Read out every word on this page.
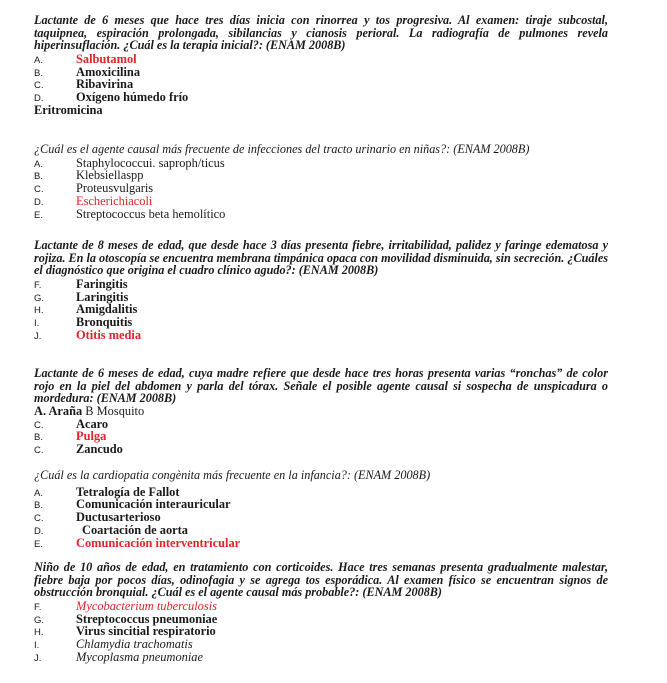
Lactante de 6 meses que hace tres días inicia con rinorrea y tos progresiva. Al examen: tiraje subcostal, taquipnea, espiración prolongada, sibilancias y cianosis perioral. La radiografía de pulmones revela hiperinsuflación. ¿Cuál es la terapia inicial?: (ENAM 2008B)

A.	Salbutamol
B.	Amoxicilina
C.	Ribavirina
D.	Oxígeno húmedo frío

Eritromicina

¿Cuál es el agente causal más frecuente de infecciones del tracto urinario en niñas?: (ENAM 2008B)

A.	Staphylococcui. saproph/ticus
B.	Klebsiellaspp
C.	Proteusvulgaris
D.	Escherichiacoli
E.	Streptococcus beta hemolítico

Lactante de 8 meses de edad, que desde hace 3 días presenta fiebre, irritabilidad, palidez y faringe edematosa y rojiza. En la otoscopía se encuentra membrana timpánica opaca con movilidad disminuida, sin secreción. ¿Cuáles el diagnóstico que origina el cuadro clínico agudo?: (ENAM 2008B)

F.	Faringitis
G.	Laringitis
H.	Amigdalitis
I.	Bronquitis
J.	Otitis media

Lactante de 6 meses de edad, cuya madre refiere que desde hace tres horas presenta varias “ronchas” de color rojo en la piel del abdomen y parla del tórax. Señale el posible agente causal si sospecha de unspicadura o mordedura: (ENAM 2008B)

A. Araña B Mosquito
C.	Acaro
B.	Pulga
C.	Zancudo

¿Cuál es la cardiopatia congènita más frecuente en la infancia?: (ENAM 2008B)

A.	Tetralogía de Fallot
B.	Comunicación interauricular
C.	Ductusarterioso
D.	Coartación de aorta
E.	Comunicación interventricular

Niño de 10 años de edad, en tratamiento con corticoides. Hace tres semanas presenta gradualmente malestar, fiebre baja por pocos días, odinofagia y se agrega tos esporádica. Al examen físico se encuentran signos de obstrucción bronquial. ¿Cuál es el agente causal más probable?: (ENAM 2008B)

F.	Mycobacterium tuberculosis
G.	Streptococcus pneumoniae
H.	Virus sincitial respiratorio
I.	Chlamydia trachomatis
J.	Mycoplasma pneumoniae
